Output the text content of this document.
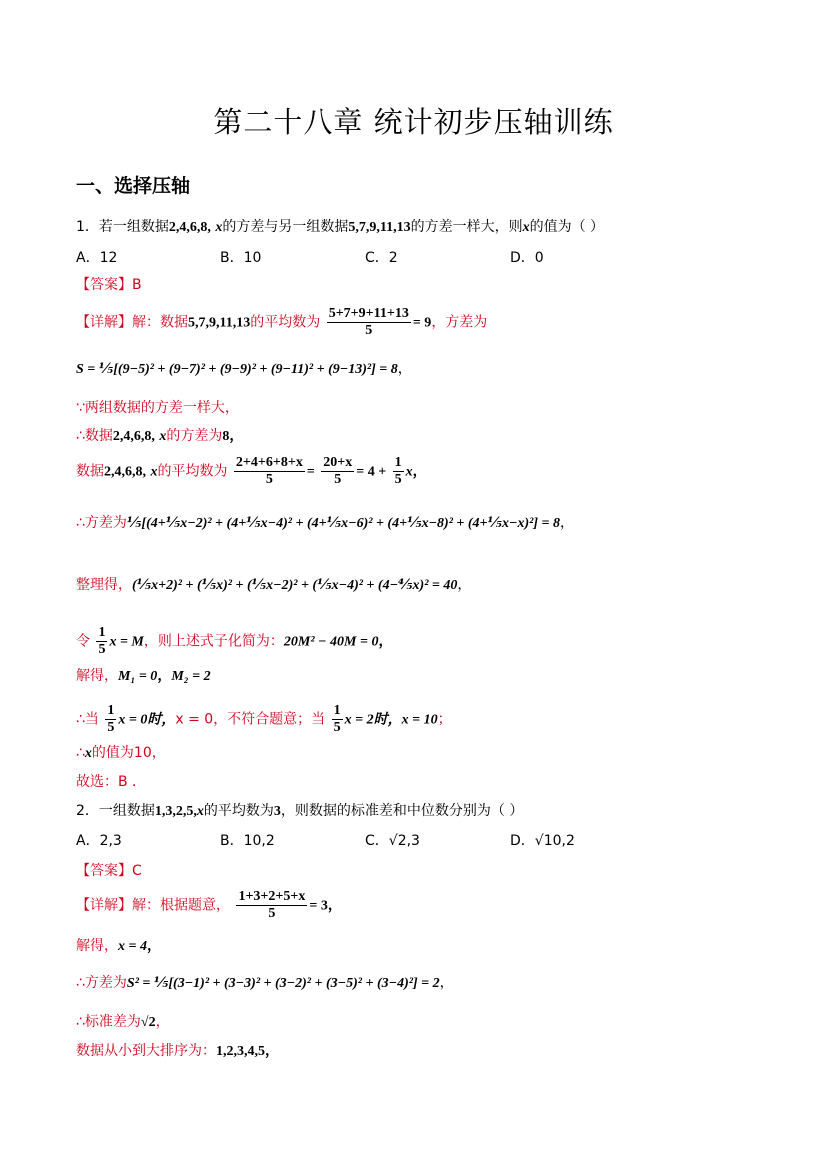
第二十八章 统计初步压轴训练
一、选择压轴
1．若一组数据2,4,6,8, x的方差与另一组数据5,7,9,11,13的方差一样大，则x的值为（ ）
A．12	B．10	C．2	D．0
【答案】B
【详解】解：数据5,7,9,11,13的平均数为 $\frac{5+7+9+11+13}{5} = 9$，方差为
S = ⅕[(9−5)² + (9−7)² + (9−9)² + (9−11)² + (9−13)²] = 8，
∵两组数据的方差一样大，
∴数据2,4,6,8, x的方差为8，
数据2,4,6,8, x的平均数为 $\frac{2+4+6+8+x}{5} = \frac{20+x}{5} = 4 + \frac{1}{5}$ x，
∴方差为⅕[(4+⅕x−2)² + (4+⅕x−4)² + (4+⅕x−6)² + (4+⅕x−8)² + (4+⅕x−x)²] = 8，
整理得，(⅕x+2)² + (⅕x)² + (⅕x−2)² + (⅕x−4)² + (4−⅘x)² = 40，
令 $\frac{1}{5}$ x = M，则上述式子化简为：20M² − 40M = 0，
解得，M₁ = 0，M₂ = 2
∴当 $\frac{1}{5}$ x = 0时，x = 0，不符合题意；当 $\frac{1}{5}$ x = 2时，x = 10；
∴x的值为10，
故选：B ．
2．一组数据1,3,2,5,x的平均数为3，则数据的标准差和中位数分别为（ ）
A．2,3	B．10,2	C．√2,3	D．√10,2
【答案】C
【详解】解：根据题意， $\frac{1+3+2+5+x}{5} = 3$，
解得，x = 4，
∴方差为S² = ⅕[(3−1)² + (3−3)² + (3−2)² + (3−5)² + (3−4)²] = 2，
∴标准差为√2，
数据从小到大排序为：1,2,3,4,5，
